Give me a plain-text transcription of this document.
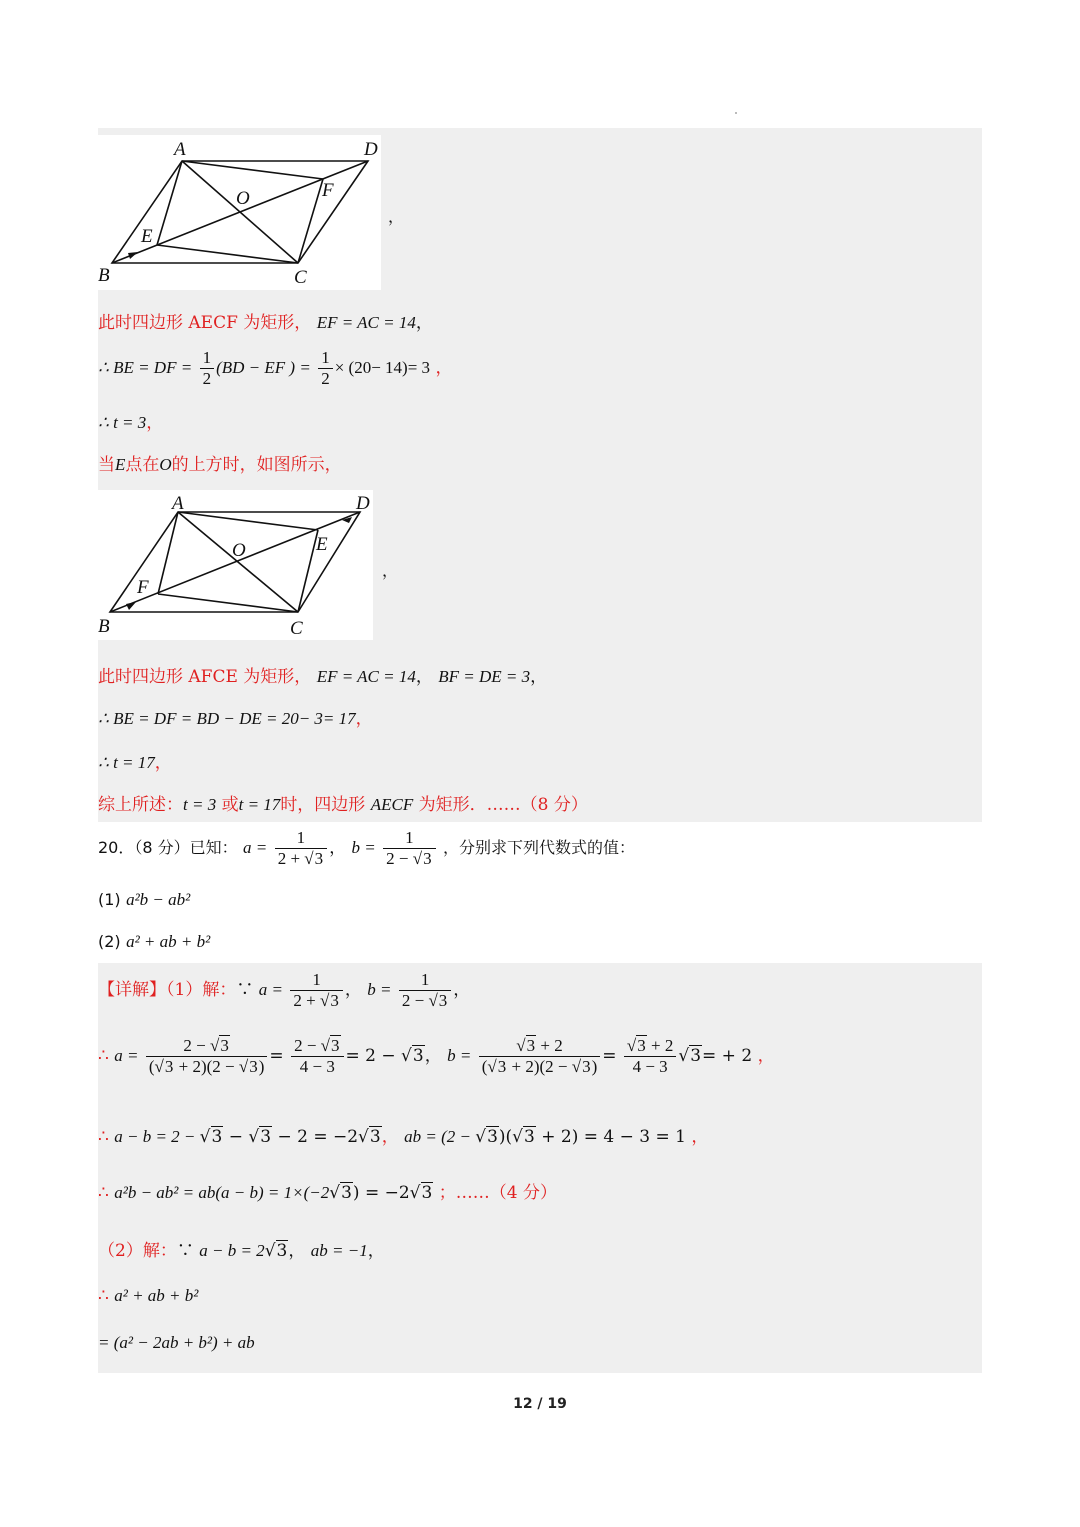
A	D
O	F
E
B	C
，
此时四边形 AECF 为矩形， EF = AC = 14，
∴ BE = DF = $\frac{1}{2} (BD$ − EF ) = $\frac{1}{2} \times (20- 14)= 3$ ，
∴ t = 3，
当E点在O的上方时，如图所示，
A	D
O	E
F
B	C
，
此时四边形 AFCE 为矩形， EF = AC = 14， BF = DE = 3，
∴ BE = DF = BD − DE = 20− 3= 17，
∴ t = 17，
综上所述：t = 3 或t = 17时，四边形 AECF 为矩形．……（8 分）
20．（8 分）已知： $a = \frac{1}{2 + √3}$ ， $b = \frac{1}{2 - √3}$ ，分别求下列代数式的值：
(1) a²b − ab²
(2) a² + ab + b²
【详解】（1）解：∵ $a = \frac{1}{2 + √3}$ ， $b = \frac{1}{2 - √3}$ ，
∴ $a = \frac{2 - √3}{(√3 + 2)(2 - √3)} = \frac{2 - √3}{4 - 3} = 2 - √3$， $b = \frac{√3 + 2}{(√3 + 2)(2 - √3)} = \frac{√3 + 2}{4 - 3} √3= + 2$ ，
∴ a − b = 2 − √3 − √3 − 2 = −2√3， ab = (2 − √3)(√3 + 2) = 4 − 3 = 1 ，
∴ a²b − ab² = ab(a − b) = 1×(−2√3) = −2√3 ；……（4 分）
（2）解：∵ a − b = 2√3， ab = −1，
∴ a² + ab + b²
= (a² − 2ab + b²) + ab
12 / 19
